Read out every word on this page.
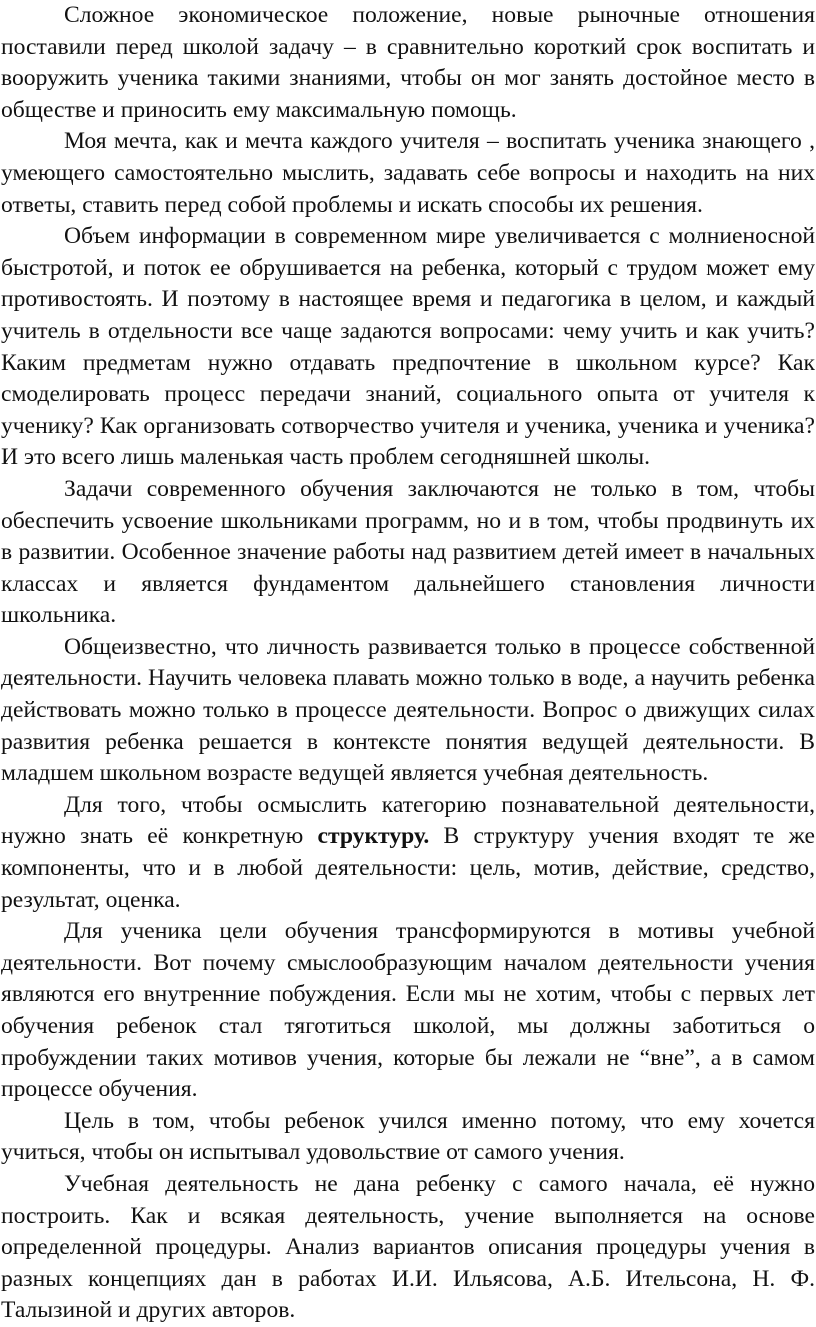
Сложное экономическое положение, новые рыночные отношения поставили перед школой задачу – в сравнительно короткий срок воспитать и вооружить ученика такими знаниями, чтобы он мог занять достойное место в обществе и приносить ему максимальную помощь.

Моя мечта, как и мечта каждого учителя – воспитать ученика знающего , умеющего самостоятельно мыслить, задавать себе вопросы и находить на них ответы, ставить перед собой проблемы и искать способы их решения.

Объем информации в современном мире увеличивается с молниеносной быстротой, и поток ее обрушивается на ребенка, который с трудом может ему противостоять. И поэтому в настоящее время и педагогика в целом, и каждый учитель в отдельности все чаще задаются вопросами: чему учить и как учить? Каким предметам нужно отдавать предпочтение в школьном курсе? Как смоделировать процесс передачи знаний, социального опыта от учителя к ученику? Как организовать сотворчество учителя и ученика, ученика и ученика? И это всего лишь маленькая часть проблем сегодняшней школы.

Задачи современного обучения заключаются не только в том, чтобы обеспечить усвоение школьниками программ, но и в том, чтобы продвинуть их в развитии. Особенное значение работы над развитием детей имеет в начальных классах и является фундаментом дальнейшего становления личности школьника.

Общеизвестно, что личность развивается только в процессе собственной деятельности. Научить человека плавать можно только в воде, а научить ребенка действовать можно только в процессе деятельности. Вопрос о движущих силах развития ребенка решается в контексте понятия ведущей деятельности. В младшем школьном возрасте ведущей является учебная деятельность.

Для того, чтобы осмыслить категорию познавательной деятельности, нужно знать её конкретную структуру. В структуру учения входят те же компоненты, что и в любой деятельности: цель, мотив, действие, средство, результат, оценка.

Для ученика цели обучения трансформируются в мотивы учебной деятельности. Вот почему смыслообразующим началом деятельности учения являются его внутренние побуждения. Если мы не хотим, чтобы с первых лет обучения ребенок стал тяготиться школой, мы должны заботиться о пробуждении таких мотивов учения, которые бы лежали не “вне”, а в самом процессе обучения.

Цель в том, чтобы ребенок учился именно потому, что ему хочется учиться, чтобы он испытывал удовольствие от самого учения.

Учебная деятельность не дана ребенку с самого начала, её нужно построить. Как и всякая деятельность, учение выполняется на основе определенной процедуры. Анализ вариантов описания процедуры учения в разных концепциях дан в работах И.И. Ильясова, А.Б. Ительсона, Н. Ф. Талызиной и других авторов.
